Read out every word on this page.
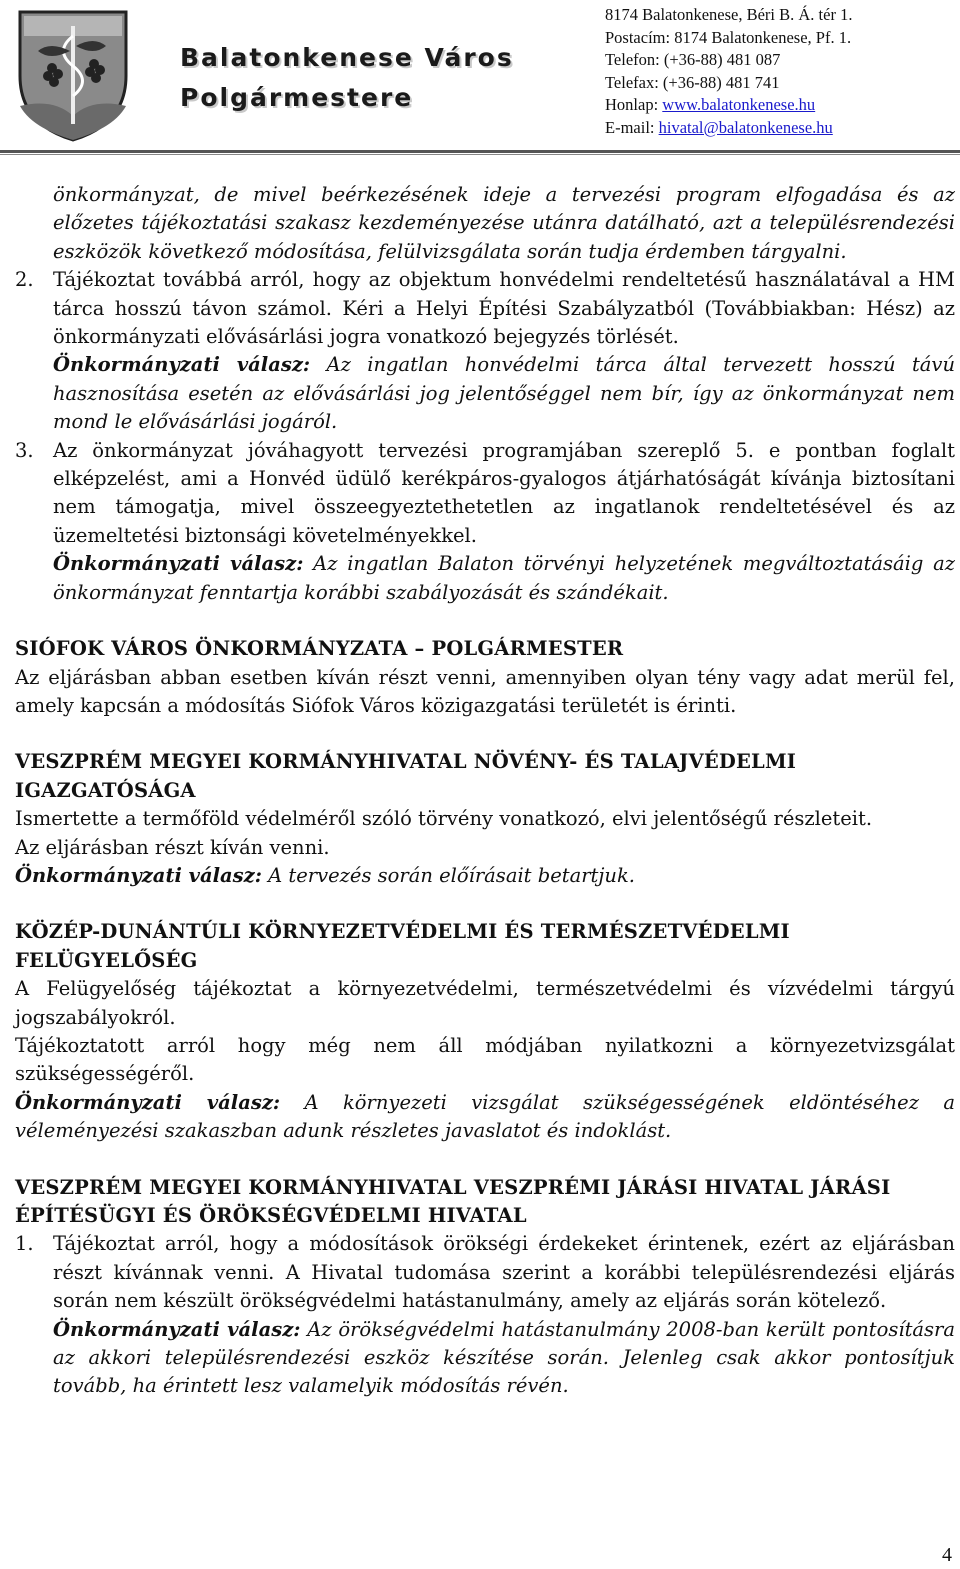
Balatonkenese Város
Polgármestere
8174 Balatonkenese, Béri B. Á. tér 1.
Postacím: 8174 Balatonkenese, Pf. 1.
Telefon: (+36-88) 481 087
Telefax: (+36-88) 481 741
Honlap: www.balatonkenese.hu
E-mail: hivatal@balatonkenese.hu

önkormányzat, de mivel beérkezésének ideje a tervezési program elfogadása és az előzetes tájékoztatási szakasz kezdeményezése utánra datálható, azt a településrendezési eszközök következő módosítása, felülvizsgálata során tudja érdemben tárgyalni.

2. Tájékoztat továbbá arról, hogy az objektum honvédelmi rendeltetésű használatával a HM tárca hosszú távon számol. Kéri a Helyi Építési Szabályzatból (Továbbiakban: Hész) az önkormányzati elővásárlási jogra vonatkozó bejegyzés törlését.

Önkormányzati válasz: Az ingatlan honvédelmi tárca által tervezett hosszú távú hasznosítása esetén az elővásárlási jog jelentőséggel nem bír, így az önkormányzat nem mond le elővásárlási jogáról.

3. Az önkormányzat jóváhagyott tervezési programjában szereplő 5. e pontban foglalt elképzelést, ami a Honvéd üdülő kerékpáros-gyalogos átjárhatóságát kívánja biztosítani nem támogatja, mivel összeegyeztethetetlen az ingatlanok rendeltetésével és az üzemeltetési biztonsági követelményekkel.

Önkormányzati válasz: Az ingatlan Balaton törvényi helyzetének megváltoztatásáig az önkormányzat fenntartja korábbi szabályozását és szándékait.

SIÓFOK VÁROS ÖNKORMÁNYZATA – POLGÁRMESTER

Az eljárásban abban esetben kíván részt venni, amennyiben olyan tény vagy adat merül fel, amely kapcsán a módosítás Siófok Város közigazgatási területét is érinti.

VESZPRÉM MEGYEI KORMÁNYHIVATAL NÖVÉNY- ÉS TALAJVÉDELMI IGAZGATÓSÁGA

Ismertette a termőföld védelméről szóló törvény vonatkozó, elvi jelentőségű részleteit.

Az eljárásban részt kíván venni.

Önkormányzati válasz: A tervezés során előírásait betartjuk.

KÖZÉP-DUNÁNTÚLI KÖRNYEZETVÉDELMI ÉS TERMÉSZETVÉDELMI FELÜGYELŐSÉG

A Felügyelőség tájékoztat a környezetvédelmi, természetvédelmi és vízvédelmi tárgyú jogszabályokról.

Tájékoztatott arról hogy még nem áll módjában nyilatkozni a környezetvizsgálat szükségességéről.

Önkormányzati válasz: A környezeti vizsgálat szükségességének eldöntéséhez a véleményezési szakaszban adunk részletes javaslatot és indoklást.

VESZPRÉM MEGYEI KORMÁNYHIVATAL VESZPRÉMI JÁRÁSI HIVATAL JÁRÁSI ÉPÍTÉSÜGYI ÉS ÖRÖKSÉGVÉDELMI HIVATAL

1. Tájékoztat arról, hogy a módosítások örökségi érdekeket érintenek, ezért az eljárásban részt kívánnak venni. A Hivatal tudomása szerint a korábbi településrendezési eljárás során nem készült örökségvédelmi hatástanulmány, amely az eljárás során kötelező.

Önkormányzati válasz: Az örökségvédelmi hatástanulmány 2008-ban került pontosításra az akkori településrendezési eszköz készítése során. Jelenleg csak akkor pontosítjuk tovább, ha érintett lesz valamelyik módosítás révén.

4
